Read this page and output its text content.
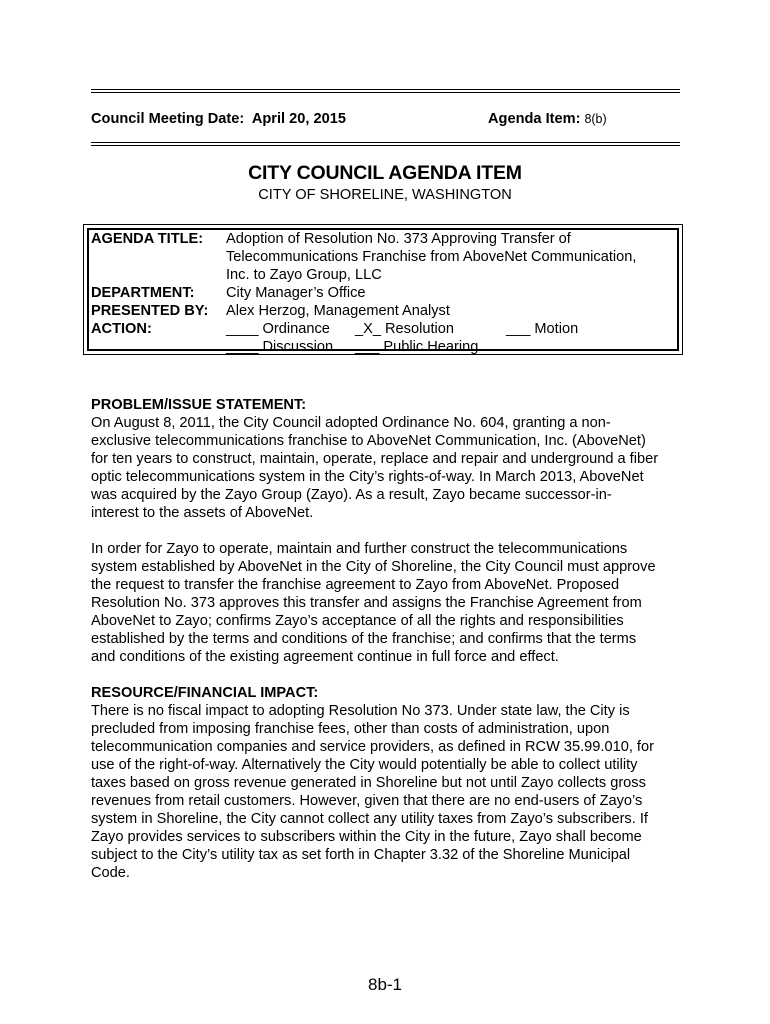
Council Meeting Date: April 20, 2015	Agenda Item: 8(b)
CITY COUNCIL AGENDA ITEM
CITY OF SHORELINE, WASHINGTON
AGENDA TITLE: Adoption of Resolution No. 373 Approving Transfer of
Telecommunications Franchise from AboveNet Communication,
Inc. to Zayo Group, LLC
DEPARTMENT: City Manager’s Office
PRESENTED BY: Alex Herzog, Management Analyst
ACTION:	____ Ordinance _X_ Resolution	___ Motion
____ Discussion ___ Public Hearing
PROBLEM/ISSUE STATEMENT:
On August 8, 2011, the City Council adopted Ordinance No. 604, granting a non-
exclusive telecommunications franchise to AboveNet Communication, Inc. (AboveNet)
for ten years to construct, maintain, operate, replace and repair and underground a fiber
optic telecommunications system in the City’s rights-of-way. In March 2013, AboveNet
was acquired by the Zayo Group (Zayo). As a result, Zayo became successor-in-
interest to the assets of AboveNet.
In order for Zayo to operate, maintain and further construct the telecommunications
system established by AboveNet in the City of Shoreline, the City Council must approve
the request to transfer the franchise agreement to Zayo from AboveNet. Proposed
Resolution No. 373 approves this transfer and assigns the Franchise Agreement from
AboveNet to Zayo; confirms Zayo’s acceptance of all the rights and responsibilities
established by the terms and conditions of the franchise; and confirms that the terms
and conditions of the existing agreement continue in full force and effect.
RESOURCE/FINANCIAL IMPACT:
There is no fiscal impact to adopting Resolution No 373. Under state law, the City is
precluded from imposing franchise fees, other than costs of administration, upon
telecommunication companies and service providers, as defined in RCW 35.99.010, for
use of the right-of-way. Alternatively the City would potentially be able to collect utility
taxes based on gross revenue generated in Shoreline but not until Zayo collects gross
revenues from retail customers. However, given that there are no end-users of Zayo’s
system in Shoreline, the City cannot collect any utility taxes from Zayo’s subscribers. If
Zayo provides services to subscribers within the City in the future, Zayo shall become
subject to the City’s utility tax as set forth in Chapter 3.32 of the Shoreline Municipal
Code.
8b-1
